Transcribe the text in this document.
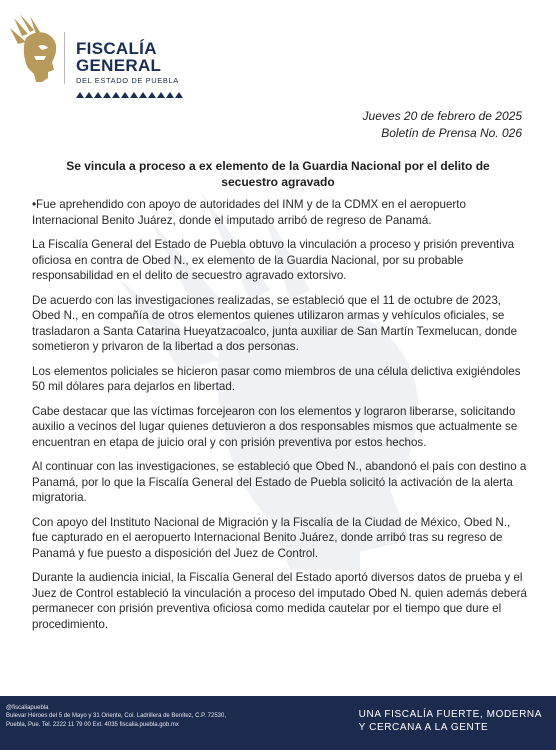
FISCALÍA
GENERAL
DEL ESTADO DE PUEBLA
Jueves 20 de febrero de 2025
Boletín de Prensa No. 026
Se vincula a proceso a ex elemento de la Guardia Nacional por el delito de secuestro agravado

•Fue aprehendido con apoyo de autoridades del INM y de la CDMX en el aeropuerto Internacional Benito Juárez, donde el imputado arribó de regreso de Panamá.

La Fiscalía General del Estado de Puebla obtuvo la vinculación a proceso y prisión preventiva oficiosa en contra de Obed N., ex elemento de la Guardia Nacional, por su probable responsabilidad en el delito de secuestro agravado extorsivo.

De acuerdo con las investigaciones realizadas, se estableció que el 11 de octubre de 2023, Obed N., en compañía de otros elementos quienes utilizaron armas y vehículos oficiales, se trasladaron a Santa Catarina Hueyatzacoalco, junta auxiliar de San Martín Texmelucan, donde sometieron y privaron de la libertad a dos personas.

Los elementos policiales se hicieron pasar como miembros de una célula delictiva exigiéndoles 50 mil dólares para dejarlos en libertad.

Cabe destacar que las víctimas forcejearon con los elementos y lograron liberarse, solicitando auxilio a vecinos del lugar quienes detuvieron a dos responsables mismos que actualmente se encuentran en etapa de juicio oral y con prisión preventiva por estos hechos.

Al continuar con las investigaciones, se estableció que Obed N., abandonó el país con destino a Panamá, por lo que la Fiscalía General del Estado de Puebla solicitó la activación de la alerta migratoria.

Con apoyo del Instituto Nacional de Migración y la Fiscalía de la Ciudad de México, Obed N., fue capturado en el aeropuerto Internacional Benito Juárez, donde arribó tras su regreso de Panamá y fue puesto a disposición del Juez de Control.

Durante la audiencia inicial, la Fiscalía General del Estado aportó diversos datos de prueba y el Juez de Control estableció la vinculación a proceso del imputado Obed N. quien además deberá permanecer con prisión preventiva oficiosa como medida cautelar por el tiempo que dure el procedimiento.

@fiscaliapuebla
Bulevar Héroes del 5 de Mayo y 31 Oriente, Col. Ladrillera de Benítez, C.P. 72530,
Puebla, Pue. Tel. 2222 11 79 00 Ext. 4035 fiscalia.puebla.gob.mx
UNA FISCALÍA FUERTE, MODERNA
Y CERCANA A LA GENTE
